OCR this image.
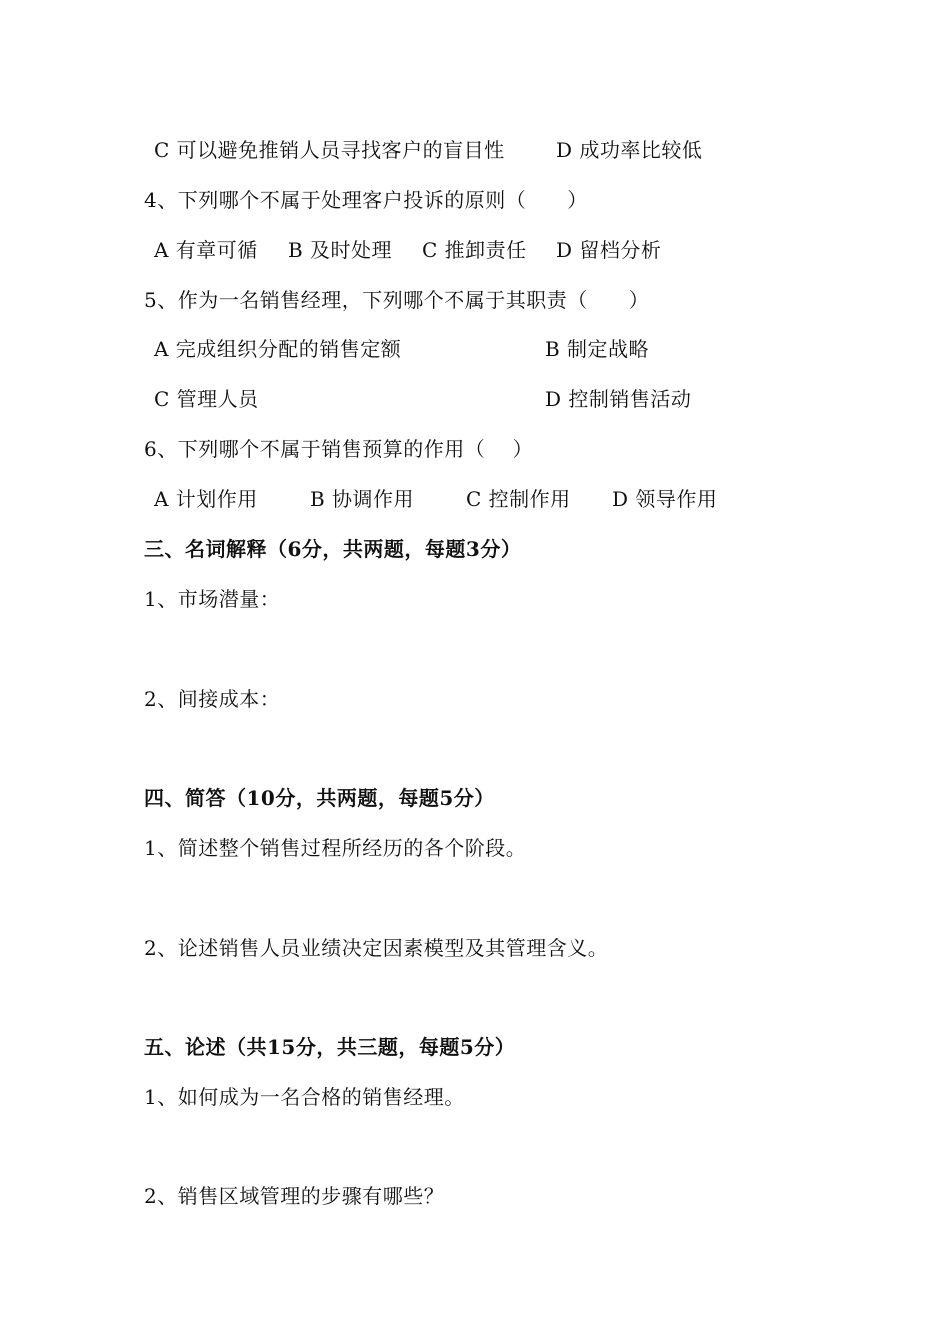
C 可以避免推销人员寻找客户的盲目性	D 成功率比较低
4、下列哪个不属于处理客户投诉的原则（　　）
A 有章可循 B 及时处理 C 推卸责任 D 留档分析
5、作为一名销售经理，下列哪个不属于其职责（　　）
A 完成组织分配的销售定额	B 制定战略
C 管理人员	D 控制销售活动
6、下列哪个不属于销售预算的作用（　 ）
A 计划作用	B 协调作用	C 控制作用 D 领导作用
三、名词解释（6分，共两题，每题3分）
1、市场潜量：
2、间接成本：
四、简答（10分，共两题，每题5分）
1、简述整个销售过程所经历的各个阶段。
2、论述销售人员业绩决定因素模型及其管理含义。
五、论述（共15分，共三题，每题5分）
1、如何成为一名合格的销售经理。
2、销售区域管理的步骤有哪些？
